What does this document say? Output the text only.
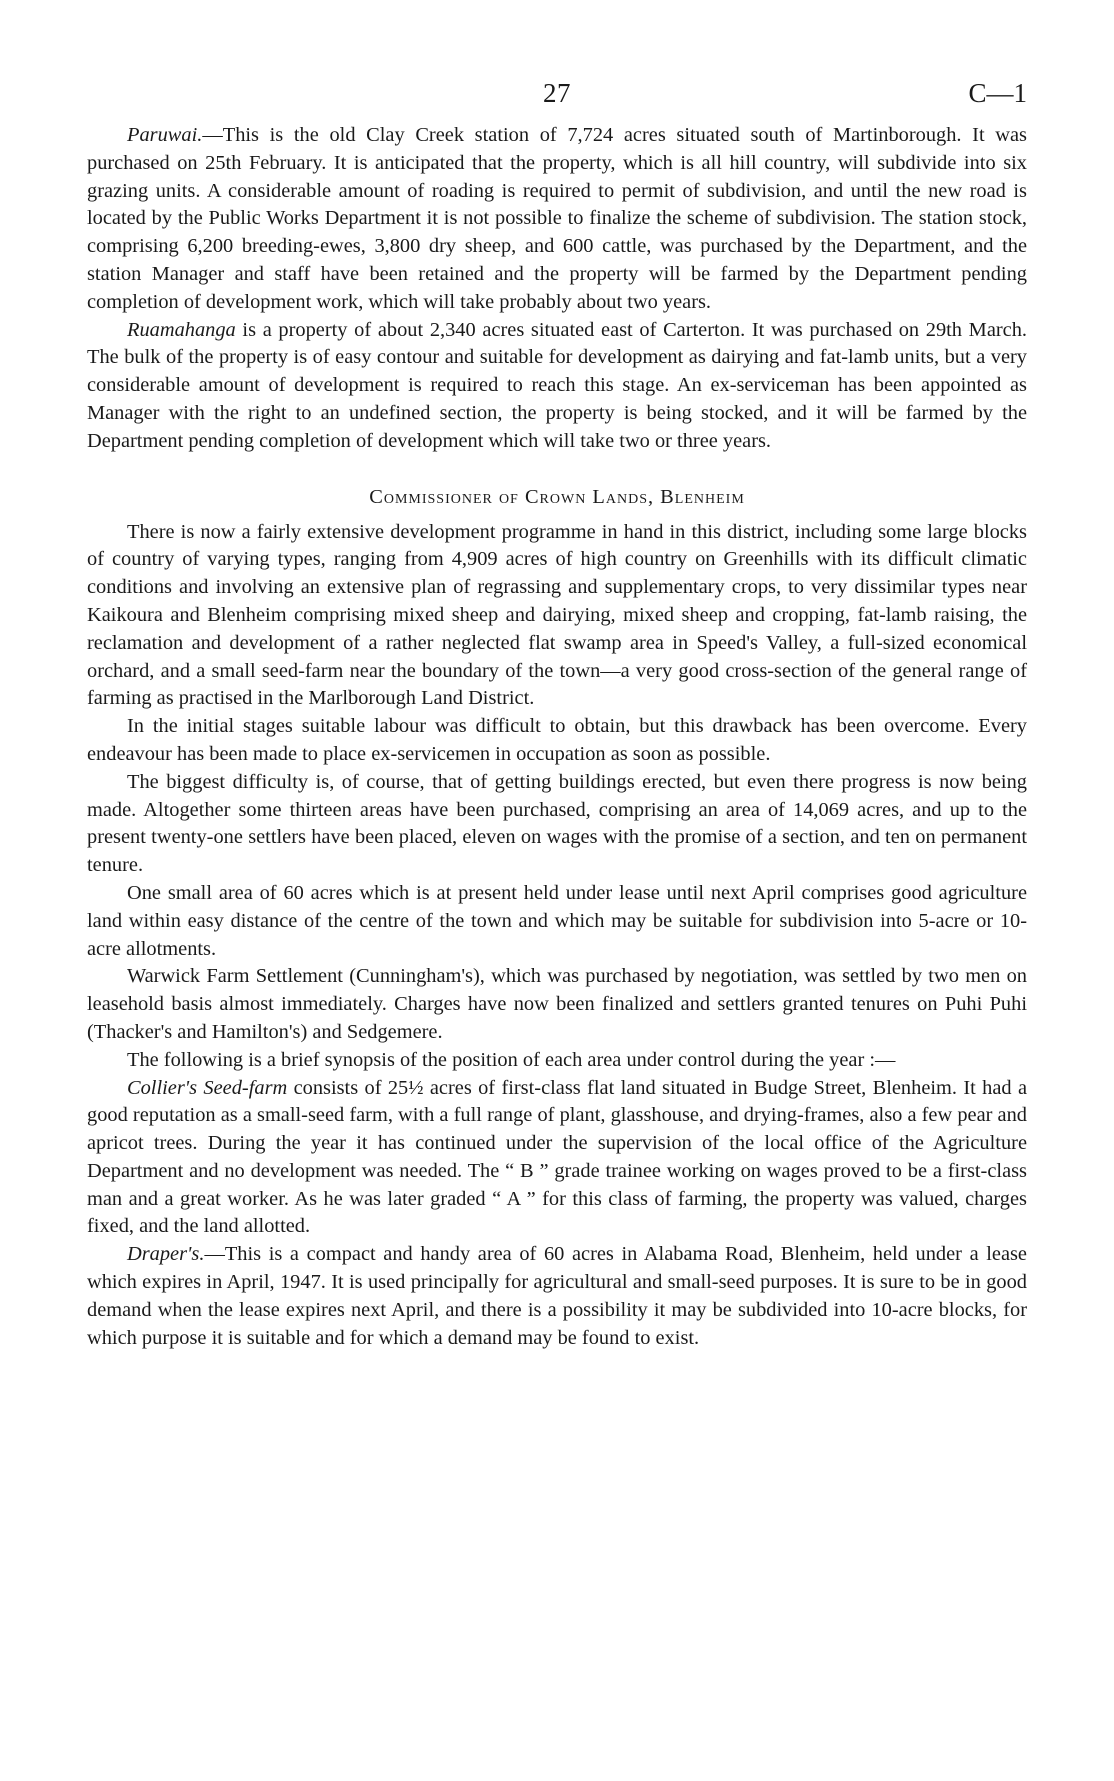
27	C—1

Paruwai.—This is the old Clay Creek station of 7,724 acres situated south of Martinborough. It was purchased on 25th February. It is anticipated that the property, which is all hill country, will subdivide into six grazing units. A considerable amount of roading is required to permit of subdivision, and until the new road is located by the Public Works Department it is not possible to finalize the scheme of subdivision. The station stock, comprising 6,200 breeding-ewes, 3,800 dry sheep, and 600 cattle, was purchased by the Department, and the station Manager and staff have been retained and the property will be farmed by the Department pending completion of development work, which will take probably about two years.

Ruamahanga is a property of about 2,340 acres situated east of Carterton. It was purchased on 29th March. The bulk of the property is of easy contour and suitable for development as dairying and fat-lamb units, but a very considerable amount of development is required to reach this stage. An ex-serviceman has been appointed as Manager with the right to an undefined section, the property is being stocked, and it will be farmed by the Department pending completion of development which will take two or three years.

Commissioner of Crown Lands, Blenheim

There is now a fairly extensive development programme in hand in this district, including some large blocks of country of varying types, ranging from 4,909 acres of high country on Greenhills with its difficult climatic conditions and involving an extensive plan of regrassing and supplementary crops, to very dissimilar types near Kaikoura and Blenheim comprising mixed sheep and dairying, mixed sheep and cropping, fat-lamb raising, the reclamation and development of a rather neglected flat swamp area in Speed's Valley, a full-sized economical orchard, and a small seed-farm near the boundary of the town—a very good cross-section of the general range of farming as practised in the Marlborough Land District.

In the initial stages suitable labour was difficult to obtain, but this drawback has been overcome. Every endeavour has been made to place ex-servicemen in occupation as soon as possible.

The biggest difficulty is, of course, that of getting buildings erected, but even there progress is now being made. Altogether some thirteen areas have been purchased, comprising an area of 14,069 acres, and up to the present twenty-one settlers have been placed, eleven on wages with the promise of a section, and ten on permanent tenure.

One small area of 60 acres which is at present held under lease until next April comprises good agriculture land within easy distance of the centre of the town and which may be suitable for subdivision into 5-acre or 10-acre allotments.

Warwick Farm Settlement (Cunningham's), which was purchased by negotiation, was settled by two men on leasehold basis almost immediately. Charges have now been finalized and settlers granted tenures on Puhi Puhi (Thacker's and Hamilton's) and Sedgemere.

The following is a brief synopsis of the position of each area under control during the year :—

Collier's Seed-farm consists of 25½ acres of first-class flat land situated in Budge Street, Blenheim. It had a good reputation as a small-seed farm, with a full range of plant, glasshouse, and drying-frames, also a few pear and apricot trees. During the year it has continued under the supervision of the local office of the Agriculture Department and no development was needed. The “ B ” grade trainee working on wages proved to be a first-class man and a great worker. As he was later graded “ A ” for this class of farming, the property was valued, charges fixed, and the land allotted.

Draper's.—This is a compact and handy area of 60 acres in Alabama Road, Blenheim, held under a lease which expires in April, 1947. It is used principally for agricultural and small-seed purposes. It is sure to be in good demand when the lease expires next April, and there is a possibility it may be subdivided into 10-acre blocks, for which purpose it is suitable and for which a demand may be found to exist.
